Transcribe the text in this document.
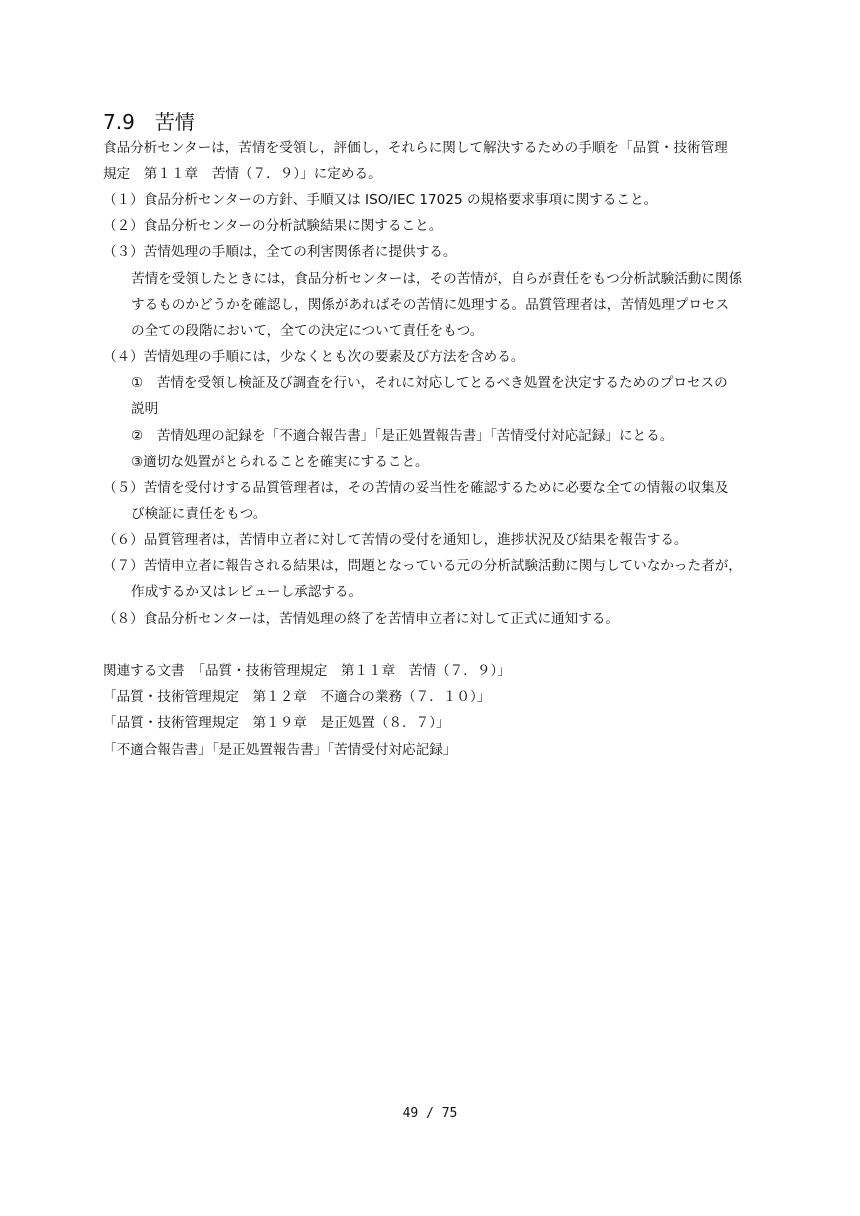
7.9　苦情
食品分析センターは，苦情を受領し，評価し，それらに関して解決するための手順を「品質・技術管理
規定　第１１章　苦情（７．９）」に定める。
（１）食品分析センターの方針、手順又は ISO/IEC 17025 の規格要求事項に関すること。
（２）食品分析センターの分析試験結果に関すること。
（３）苦情処理の手順は，全ての利害関係者に提供する。
苦情を受領したときには，食品分析センターは，その苦情が，自らが責任をもつ分析試験活動に関係
するものかどうかを確認し，関係があればその苦情に処理する。品質管理者は，苦情処理プロセス
の全ての段階において，全ての決定について責任をもつ。
（４）苦情処理の手順には，少なくとも次の要素及び方法を含める。
①　苦情を受領し検証及び調査を行い，それに対応してとるべき処置を決定するためのプロセスの
説明
②　苦情処理の記録を「不適合報告書」「是正処置報告書」「苦情受付対応記録」にとる。
③適切な処置がとられることを確実にすること。
（５）苦情を受付けする品質管理者は，その苦情の妥当性を確認するために必要な全ての情報の収集及
び検証に責任をもつ。
（６）品質管理者は，苦情申立者に対して苦情の受付を通知し，進捗状況及び結果を報告する。
（７）苦情申立者に報告される結果は，問題となっている元の分析試験活動に関与していなかった者が，
作成するか又はレビューし承認する。
（８）食品分析センターは，苦情処理の終了を苦情申立者に対して正式に通知する。
関連する文書　「品質・技術管理規定　第１１章　苦情（７．９）」
「品質・技術管理規定　第１２章　不適合の業務（７．１０）」
「品質・技術管理規定　第１９章　是正処置（８．７）」
「不適合報告書」「是正処置報告書」「苦情受付対応記録」
49 / 75
